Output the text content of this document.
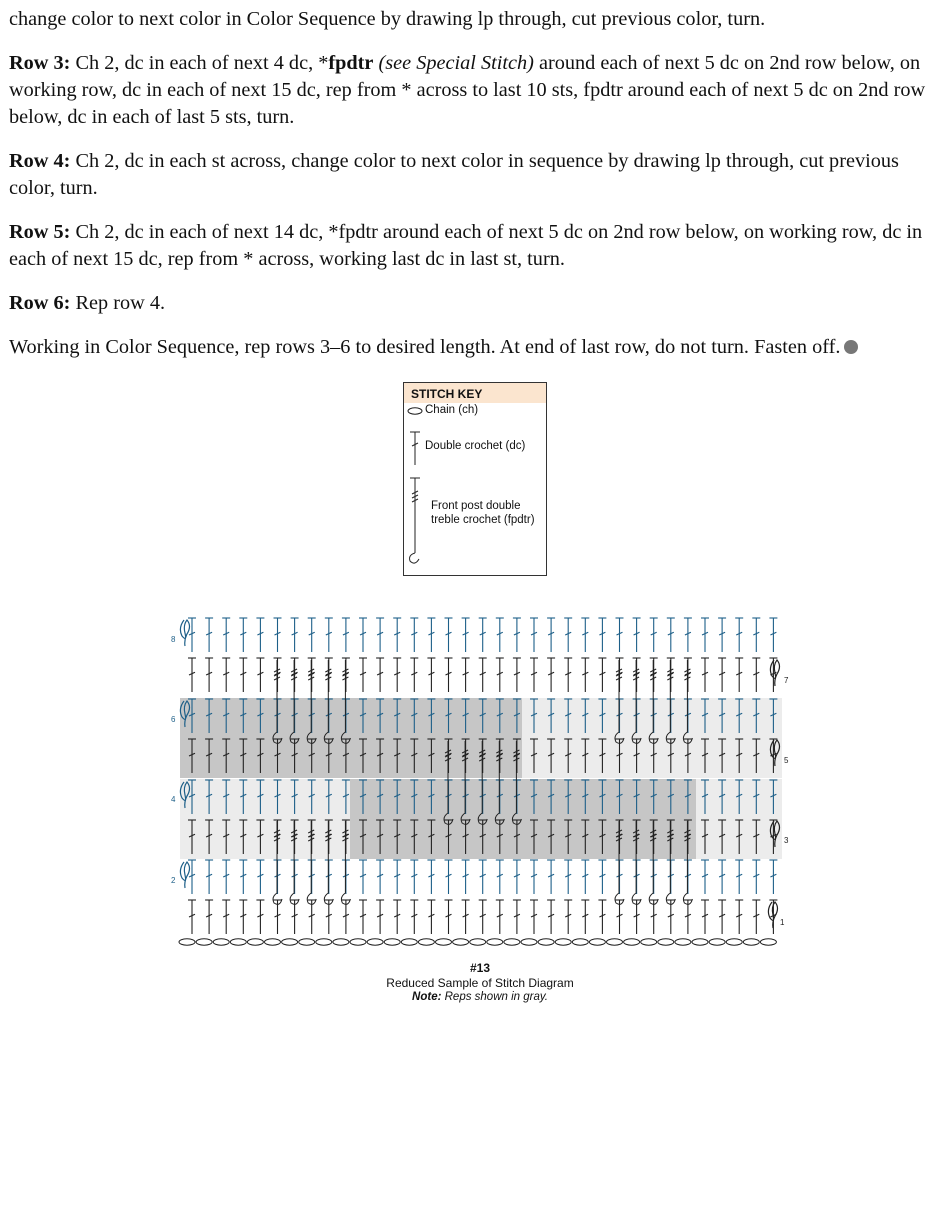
change color to next color in Color Sequence by drawing lp through, cut previous color, turn.

Row 3: Ch 2, dc in each of next 4 dc, *fpdtr (see Special Stitch) around each of next 5 dc on 2nd row below, on working row, dc in each of next 15 dc, rep from * across to last 10 sts, fpdtr around each of next 5 dc on 2nd row below, dc in each of last 5 sts, turn.

Row 4: Ch 2, dc in each st across, change color to next color in sequence by drawing lp through, cut previous color, turn.

Row 5: Ch 2, dc in each of next 14 dc, *fpdtr around each of next 5 dc on 2nd row below, on working row, dc in each of next 15 dc, rep from * across, working last dc in last st, turn.

Row 6: Rep row 4.

Working in Color Sequence, rep rows 3–6 to desired length. At end of last row, do not turn. Fasten off.

STITCH KEY
Chain (ch)
Double crochet (dc)
Front post double
treble crochet (fpdtr)
8
6
4
2
7
5
3
1
#13
Reduced Sample of Stitch Diagram
Note: Reps shown in gray.
